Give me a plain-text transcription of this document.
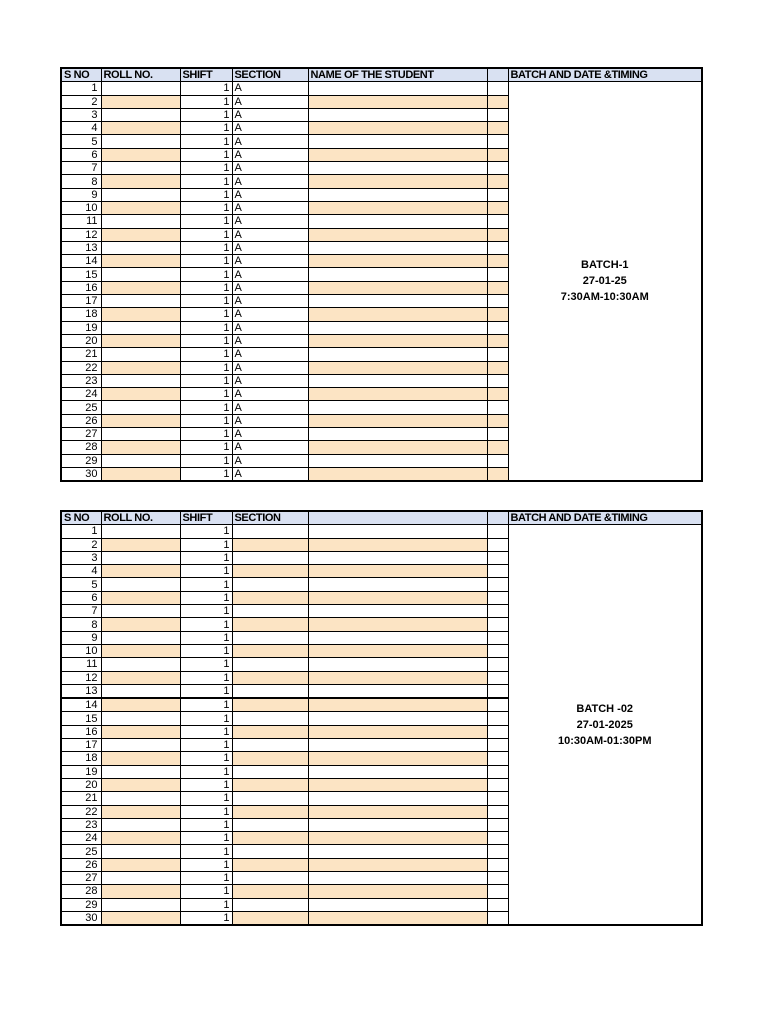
S NO	ROLL NO.	SHIFT	SECTION	NAME OF THE STUDENT		BATCH AND DATE &TIMING
1		1	A			BATCH-1
27-01-25
7:30AM-10:30AM

2		1	A			
3		1	A			
4		1	A			
5		1	A			
6		1	A			
7		1	A			
8		1	A			
9		1	A			
10		1	A			
11		1	A			
12		1	A			
13		1	A			
14		1	A			
15		1	A			
16		1	A			
17		1	A			
18		1	A			
19		1	A			
20		1	A			
21		1	A			
22		1	A			
23		1	A			
24		1	A			
25		1	A			
26		1	A			
27		1	A			
28		1	A			
29		1	A			
30		1	A			
S NO	ROLL NO.	SHIFT	SECTION			BATCH AND DATE &TIMING
1		1				BATCH -02
27-01-2025
10:30AM-01:30PM

2		1				
3		1				
4		1				
5		1				
6		1				
7		1				
8		1				
9		1				
10		1				
11		1				
12		1				
13		1				
14		1				
15		1				
16		1				
17		1				
18		1				
19		1				
20		1				
21		1				
22		1				
23		1				
24		1				
25		1				
26		1				
27		1				
28		1				
29		1				
30		1				
